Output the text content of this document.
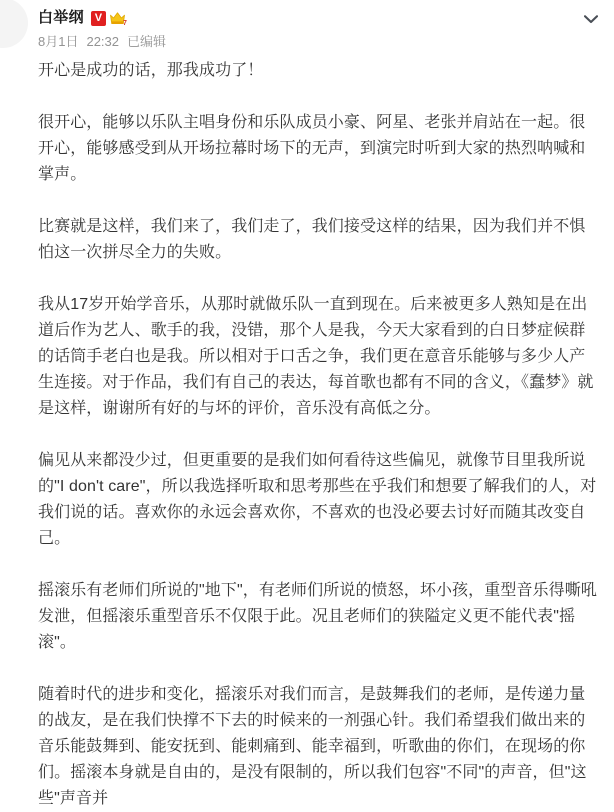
白举纲 V	7
8月1日 22:32 已编辑

开心是成功的话，那我成功了！

很开心，能够以乐队主唱身份和乐队成员小豪、阿星、老张并肩站在一起。很开心，能够感受到从开场拉幕时场下的无声，到演完时听到大家的热烈呐喊和掌声。

比赛就是这样，我们来了，我们走了，我们接受这样的结果，因为我们并不惧怕这一次拼尽全力的失败。

我从17岁开始学音乐，从那时就做乐队一直到现在。后来被更多人熟知是在出道后作为艺人、歌手的我，没错，那个人是我，今天大家看到的白日梦症候群的话筒手老白也是我。所以相对于口舌之争，我们更在意音乐能够与多少人产生连接。对于作品，我们有自己的表达，每首歌也都有不同的含义，《蠢梦》就是这样，谢谢所有好的与坏的评价，音乐没有高低之分。

偏见从来都没少过，但更重要的是我们如何看待这些偏见，就像节目里我所说的"I don't care"，所以我选择听取和思考那些在乎我们和想要了解我们的人，对我们说的话。喜欢你的永远会喜欢你，不喜欢的也没必要去讨好而随其改变自己。

摇滚乐有老师们所说的"地下"，有老师们所说的愤怒，坏小孩，重型音乐得嘶吼发泄，但摇滚乐重型音乐不仅限于此。况且老师们的狭隘定义更不能代表"摇滚"。

随着时代的进步和变化，摇滚乐对我们而言，是鼓舞我们的老师，是传递力量的战友，是在我们快撑不下去的时候来的一剂强心针。我们希望我们做出来的音乐能鼓舞到、能安抚到、能刺痛到、能幸福到，听歌曲的你们，在现场的你们。摇滚本身就是自由的，是没有限制的，所以我们包容"不同"的声音，但"这些"声音并
